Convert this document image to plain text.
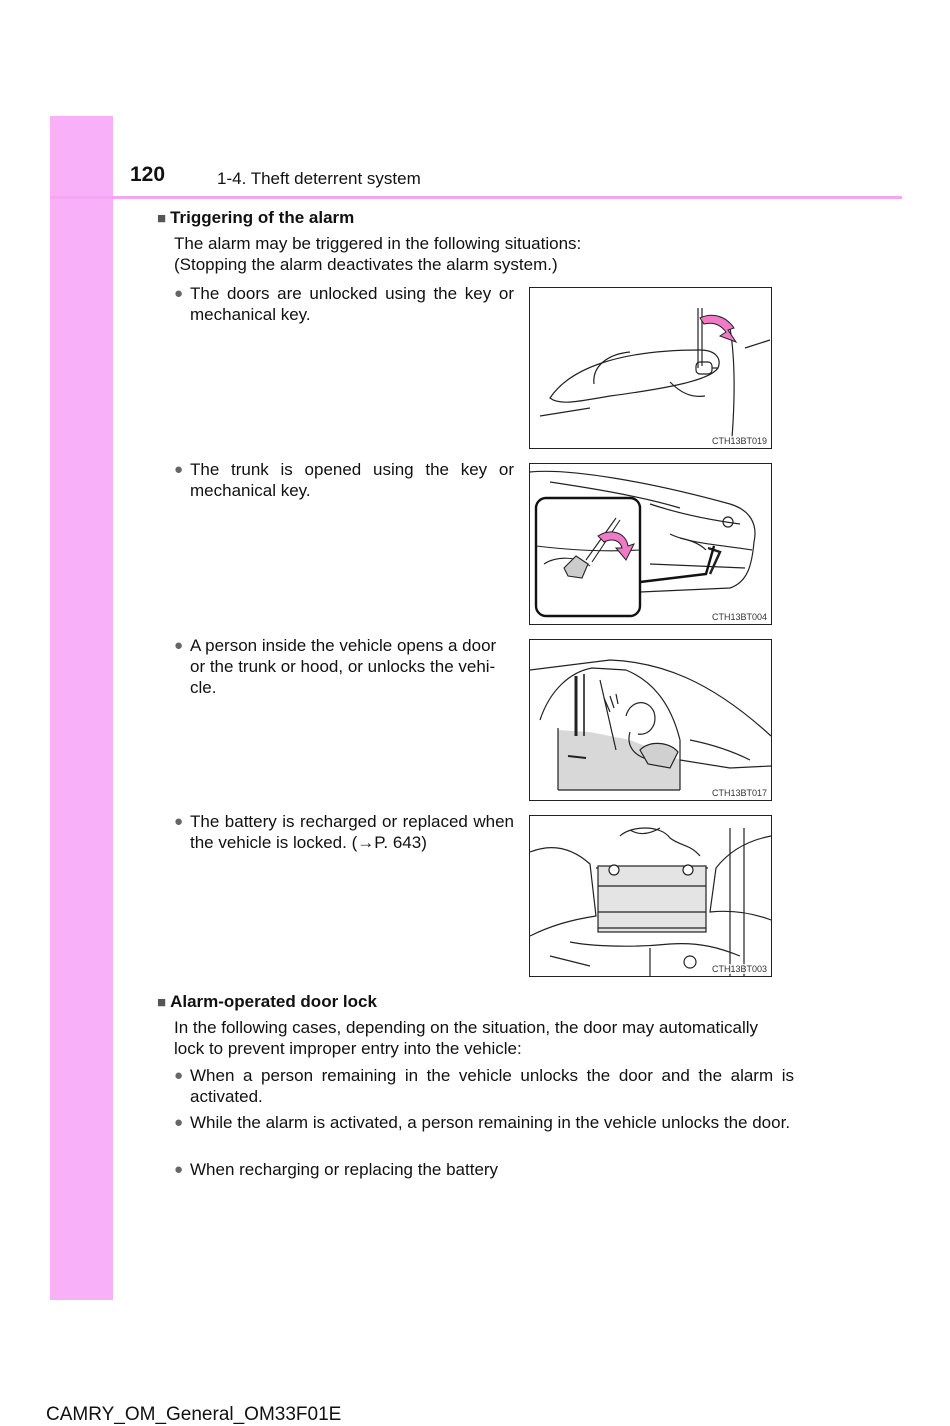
120	1-4. Theft deterrent system
■ Triggering of the alarm
The alarm may be triggered in the following situations:
(Stopping the alarm deactivates the alarm system.)
● The doors are unlocked using the key or mechanical key.
● The trunk is opened using the key or mechanical key.
● A person inside the vehicle opens a door or the trunk or hood, or unlocks the vehi-cle.
● The battery is recharged or replaced when the vehicle is locked. (→P. 643)
CTH13BT019
CTH13BT004
CTH13BT017
CTH13BT003
■ Alarm-operated door lock
In the following cases, depending on the situation, the door may automatically
lock to prevent improper entry into the vehicle:
● When a person remaining in the vehicle unlocks the door and the alarm is activated.
● While the alarm is activated, a person remaining in the vehicle unlocks the door.
● When recharging or replacing the battery
CAMRY_OM_General_OM33F01E
